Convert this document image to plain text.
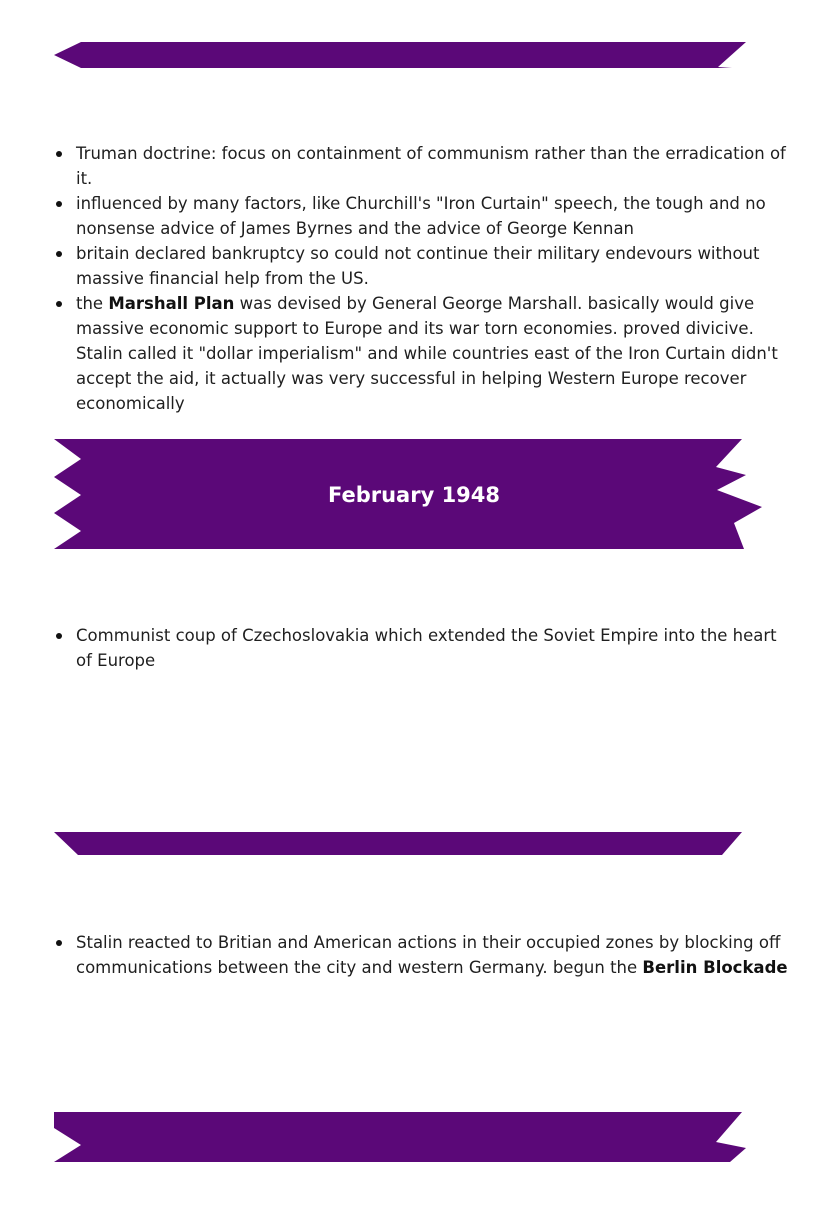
Truman doctrine: focus on containment of communism rather than the erradication of it.
influenced by many factors, like Churchill's "Iron Curtain" speech, the tough and no nonsense advice of James Byrnes and the advice of George Kennan
britain declared bankruptcy so could not continue their military endevours without massive financial help from the US.
the Marshall Plan was devised by General George Marshall. basically would give massive economic support to Europe and its war torn economies. proved divicive. Stalin called it "dollar imperialism" and while countries east of the Iron Curtain didn't accept the aid, it actually was very successful in helping Western Europe recover economically
February 1948
Communist coup of Czechoslovakia which extended the Soviet Empire into the heart of Europe
Stalin reacted to Britian and American actions in their occupied zones by blocking off communications between the city and western Germany. begun the Berlin Blockade
